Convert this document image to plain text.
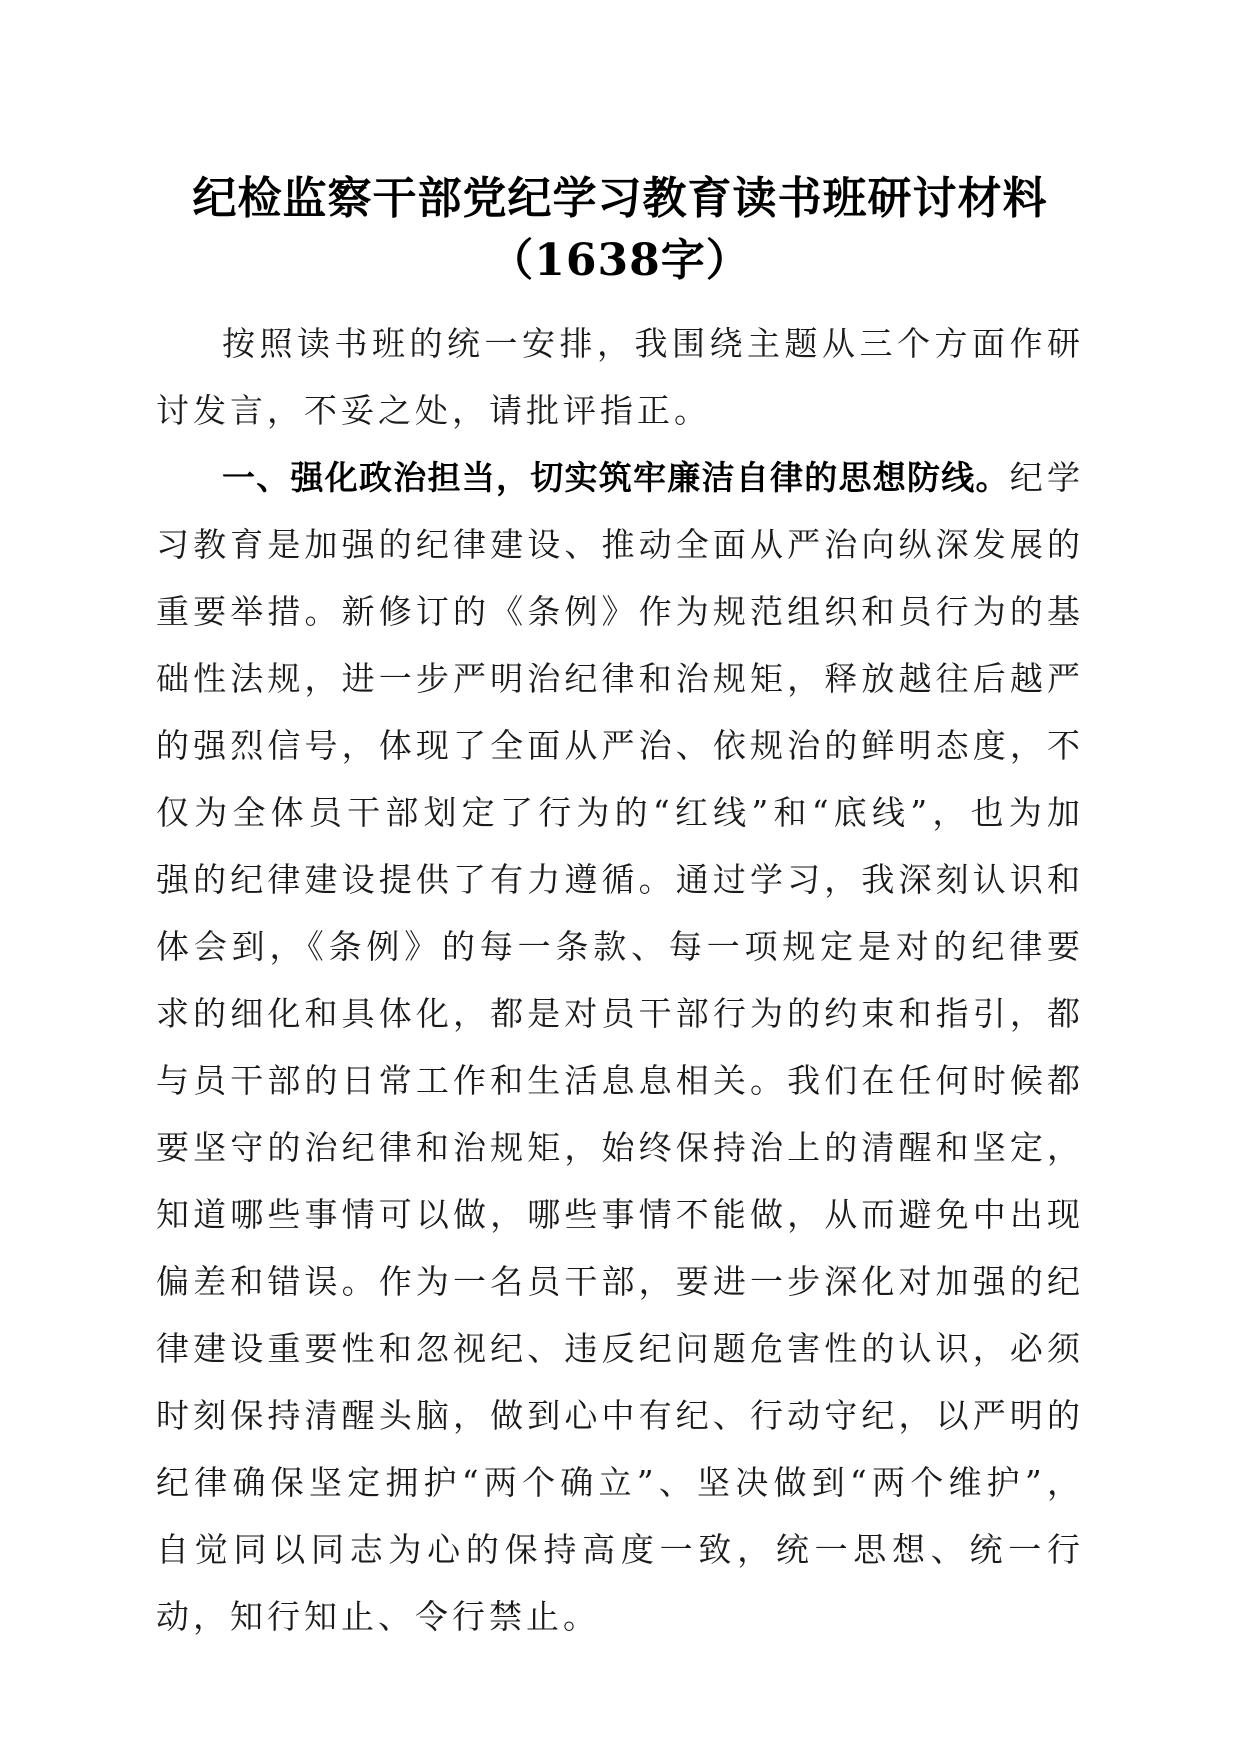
纪检监察干部党纪学习教育读书班研讨材料
（1638字）

按照读书班的统一安排，我围绕主题从三个方面作研讨发言，不妥之处，请批评指正。

一、强化政治担当，切实筑牢廉洁自律的思想防线。纪学习教育是加强的纪律建设、推动全面从严治向纵深发展的重要举措。新修订的《条例》作为规范组织和员行为的基础性法规，进一步严明治纪律和治规矩，释放越往后越严的强烈信号，体现了全面从严治、依规治的鲜明态度，不仅为全体员干部划定了行为的“红线”和“底线”，也为加强的纪律建设提供了有力遵循。通过学习，我深刻认识和体会到，《条例》的每一条款、每一项规定是对的纪律要求的细化和具体化，都是对员干部行为的约束和指引，都与员干部的日常工作和生活息息相关。我们在任何时候都要坚守的治纪律和治规矩，始终保持治上的清醒和坚定，知道哪些事情可以做，哪些事情不能做，从而避免中出现偏差和错误。作为一名员干部，要进一步深化对加强的纪律建设重要性和忽视纪、违反纪问题危害性的认识，必须时刻保持清醒头脑，做到心中有纪、行动守纪，以严明的纪律确保坚定拥护“两个确立”、坚决做到“两个维护”，自觉同以同志为心的保持高度一致，统一思想、统一行动，知行知止、令行禁止。
